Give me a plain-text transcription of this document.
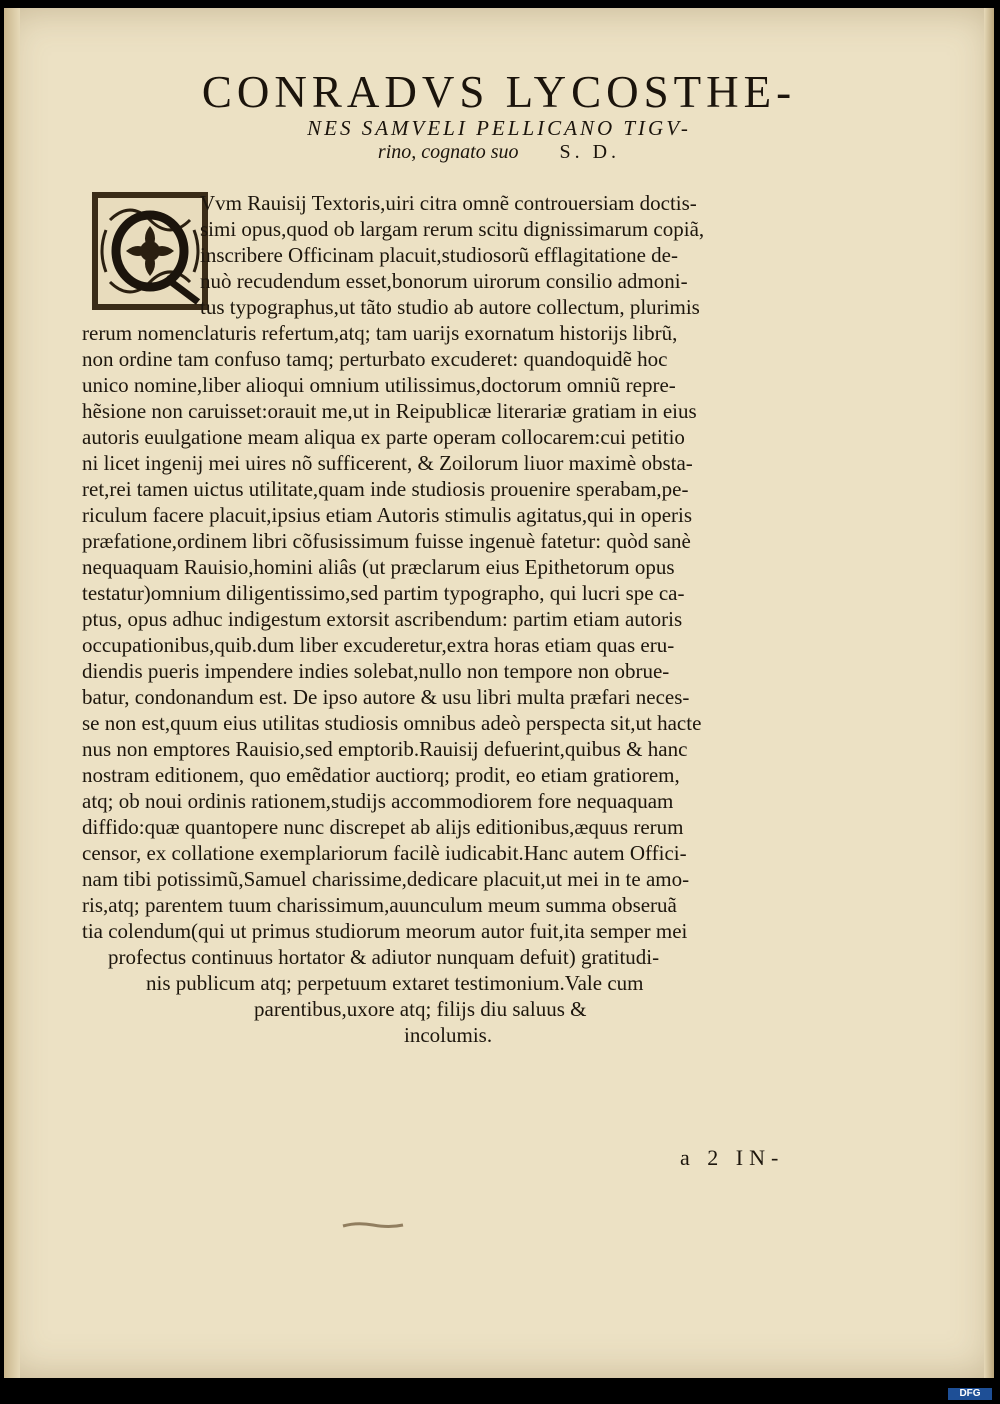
CONRADVS LYCOSTHE-
NES SAMVELI PELLICANO TIGV-
rino, cognato suo S. D.
Vvm Rauisij Textoris,uiri citra omnẽ controuersiam doctis-
simi opus,quod ob largam rerum scitu dignissimarum copiã,
inscribere Officinam placuit,studiosorũ efflagitatione de-
nuò recudendum esset,bonorum uirorum consilio admoni-
tus typographus,ut tãto studio ab autore collectum, plurimis
rerum nomenclaturis refertum,atq; tam uarijs exornatum historijs librũ,
non ordine tam confuso tamq; perturbato excuderet: quandoquidẽ hoc
unico nomine,liber alioqui omnium utilissimus,doctorum omniũ repre-
hẽsione non caruisset:orauit me,ut in Reipublicæ literariæ gratiam in eius
autoris euulgatione meam aliqua ex parte operam collocarem:cui petitio
ni licet ingenij mei uires nõ sufficerent, & Zoilorum liuor maximè obsta-
ret,rei tamen uictus utilitate,quam inde studiosis prouenire sperabam,pe-
riculum facere placuit,ipsius etiam Autoris stimulis agitatus,qui in operis
præfatione,ordinem libri cõfusissimum fuisse ingenuè fatetur: quòd sanè
nequaquam Rauisio,homini aliâs (ut præclarum eius Epithetorum opus
testatur)omnium diligentissimo,sed partim typographo, qui lucri spe ca-
ptus, opus adhuc indigestum extorsit ascribendum: partim etiam autoris
occupationibus,quib.dum liber excuderetur,extra horas etiam quas eru-
diendis pueris impendere indies solebat,nullo non tempore non obrue-
batur, condonandum est. De ipso autore & usu libri multa præfari neces-
se non est,quum eius utilitas studiosis omnibus adeò perspecta sit,ut hacte
nus non emptores Rauisio,sed emptorib.Rauisij defuerint,quibus & hanc
nostram editionem, quo emẽdatior auctiorq; prodit, eo etiam gratiorem,
atq; ob noui ordinis rationem,studijs accommodiorem fore nequaquam
diffido:quæ quantopere nunc discrepet ab alijs editionibus,æquus rerum
censor, ex collatione exemplariorum facilè iudicabit.Hanc autem Offici-
nam tibi potissimũ,Samuel charissime,dedicare placuit,ut mei in te amo-
ris,atq; parentem tuum charissimum,auunculum meum summa obseruã
tia colendum(qui ut primus studiorum meorum autor fuit,ita semper mei
profectus continuus hortator & adiutor nunquam defuit) gratitudi-
nis publicum atq; perpetuum extaret testimonium.Vale cum
parentibus,uxore atq; filijs diu saluus &
incolumis.
a 2 IN-
Digitalisierung gefördert durch die Deutsche Forschungsgemeinschaft ·	DFG
